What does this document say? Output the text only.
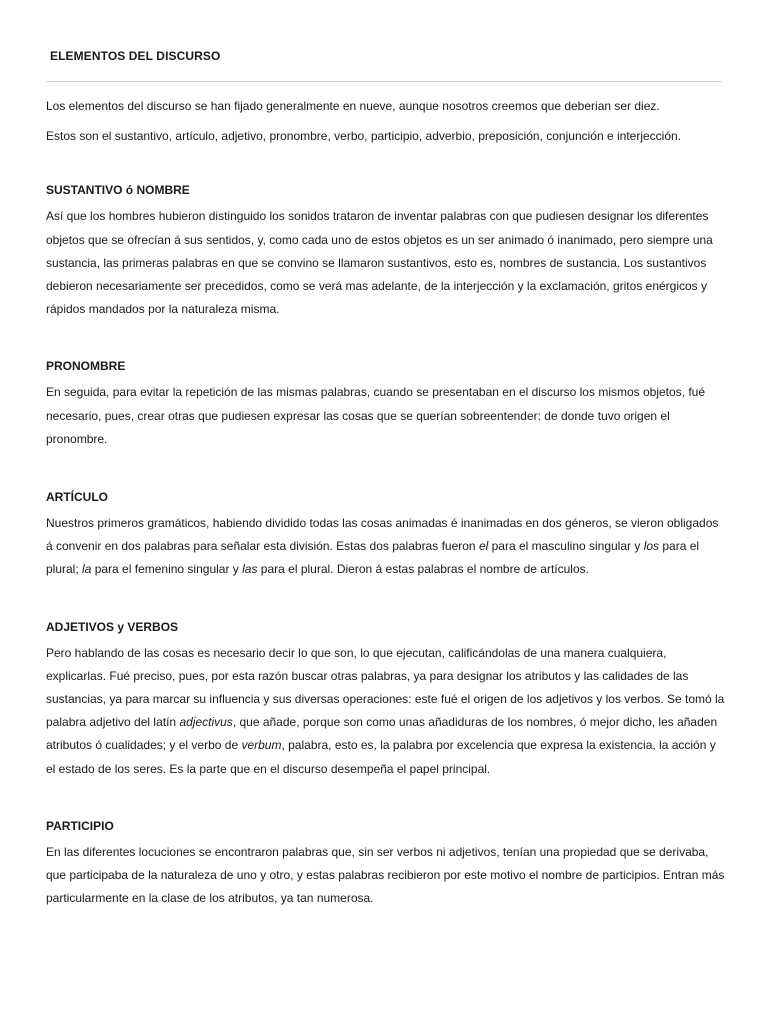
ELEMENTOS DEL DISCURSO

Los elementos del discurso se han fijado generalmente en nueve, aunque nosotros creemos que deberian ser diez.

Estos son el sustantivo, artículo, adjetivo, pronombre, verbo, participio, adverbio, preposición, conjunción e interjección.

SUSTANTIVO ó NOMBRE

Así que los hombres hubieron distinguido los sonidos trataron de inventar palabras con que pudiesen designar los diferentes objetos que se ofrecían á sus sentidos, y, como cada uno de estos objetos es un ser animado ó inanimado, pero siempre una sustancia, las primeras palabras en que se convino se llamaron sustantivos, esto es, nombres de sustancia. Los sustantivos debieron necesariamente ser precedidos, como se verá mas adelante, de la interjección y la exclamación, gritos enérgicos y rápidos mandados por la naturaleza misma.

PRONOMBRE

En seguida, para evitar la repetición de las mismas palabras, cuando se presentaban en el discurso los mismos objetos, fué necesario, pues, crear otras que pudiesen expresar las cosas que se querían sobreentender: de donde tuvo origen el pronombre.

ARTÍCULO

Nuestros primeros gramáticos, habiendo dividido todas las cosas animadas é inanimadas en dos géneros, se vieron obligados á convenir en dos palabras para señalar esta división. Estas dos palabras fueron el para el masculino singular y los para el plural; la para el femenino singular y las para el plural. Dieron á estas palabras el nombre de artículos.

ADJETIVOS y VERBOS

Pero hablando de las cosas es necesario decir lo que son, lo que ejecutan, calificándolas de una manera cualquiera, explicarlas. Fué preciso, pues, por esta razón buscar otras palabras, ya para designar los atributos y las calidades de las sustancias, ya para marcar su influencia y sus diversas operaciones: este fué el origen de los adjetivos y los verbos. Se tomó la palabra adjetivo del latín adjectivus, que añade, porque son como unas añadiduras de los nombres, ó mejor dicho, les añaden atributos ó cualidades; y el verbo de verbum, palabra, esto es, la palabra por excelencia que expresa la existencia, la acción y el estado de los seres. Es la parte que en el discurso desempeña el papel principal.

PARTICIPIO

En las diferentes locuciones se encontraron palabras que, sin ser verbos ni adjetivos, tenían una propiedad que se derivaba, que participaba de la naturaleza de uno y otro, y estas palabras recibieron por este motivo el nombre de participios. Entran más particularmente en la clase de los atributos, ya tan numerosa.
